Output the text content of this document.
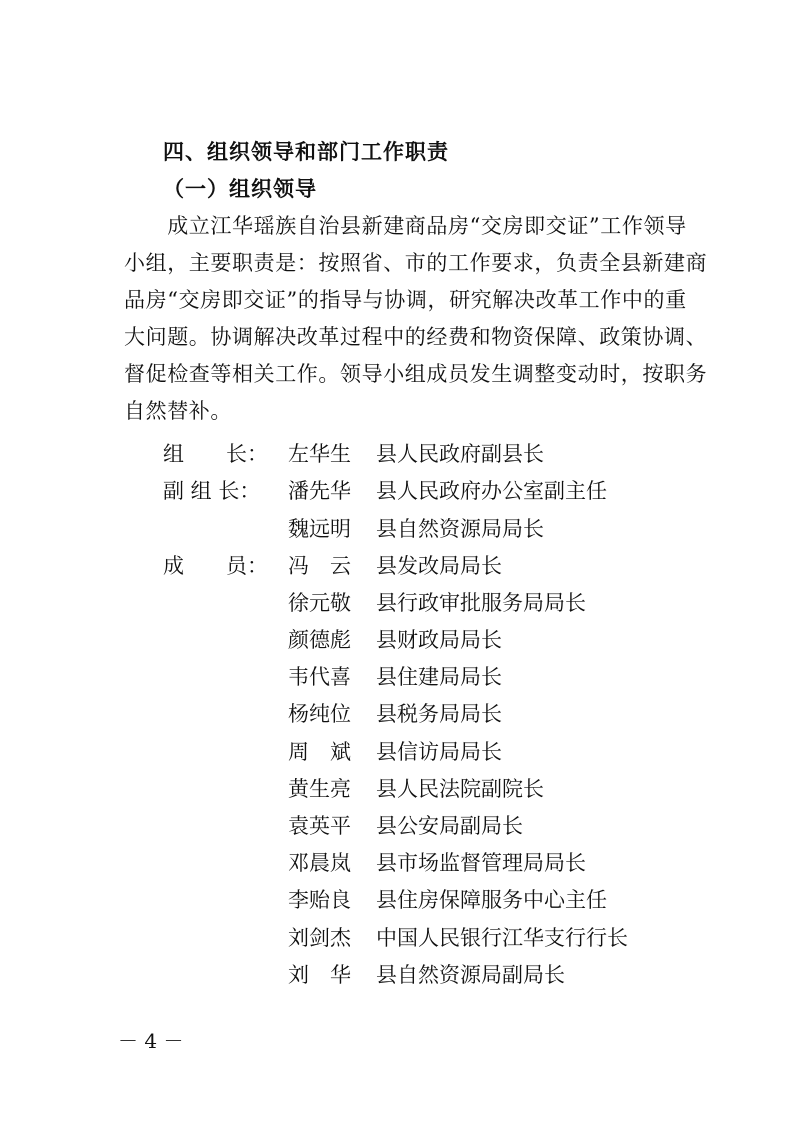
四、组织领导和部门工作职责
（一）组织领导
　　成立江华瑶族自治县新建商品房“交房即交证”工作领导
小组，主要职责是：按照省、市的工作要求，负责全县新建商
品房“交房即交证”的指导与协调，研究解决改革工作中的重
大问题。协调解决改革过程中的经费和物资保障、政策协调、
督促检查等相关工作。领导小组成员发生调整变动时，按职务
自然替补。
组　　长：
副 组 长：
成　　员：
左华生 县人民政府副县长
潘先华 县人民政府办公室副主任
魏远明 县自然资源局局长
冯　云 县发改局局长
徐元敬 县行政审批服务局局长
颜德彪 县财政局局长
韦代喜 县住建局局长
杨纯位 县税务局局长
周　斌 县信访局局长
黄生亮 县人民法院副院长
袁英平 县公安局副局长
邓晨岚 县市场监督管理局局长
李贻良 县住房保障服务中心主任
刘剑杰 中国人民银行江华支行行长
刘　华 县自然资源局副局长
－ 4 －
